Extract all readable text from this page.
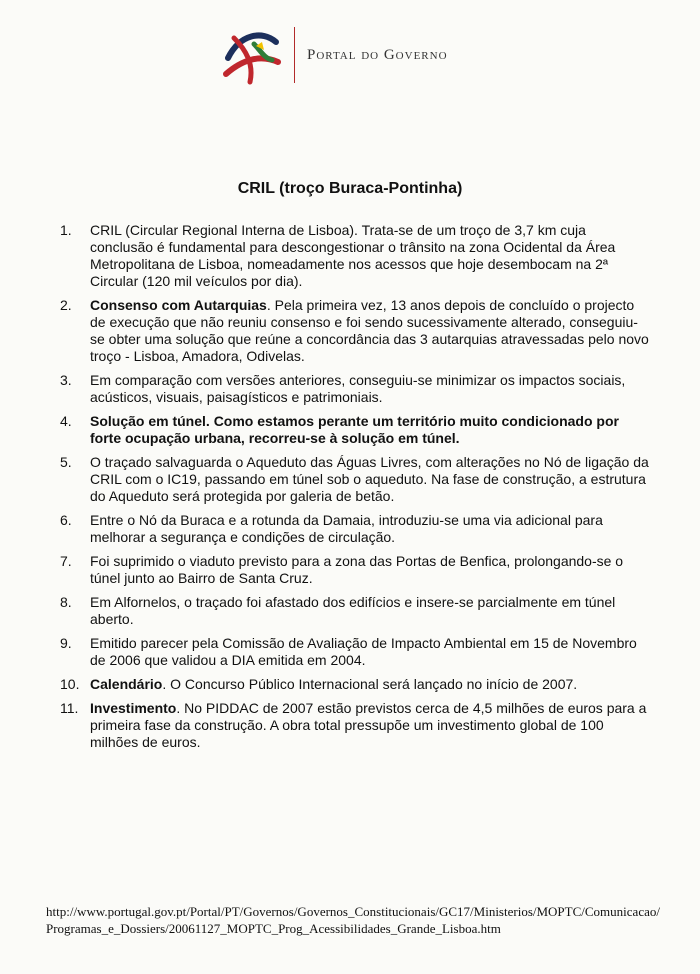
Portal do Governo
CRIL (troço Buraca-Pontinha)
1.	CRIL (Circular Regional Interna de Lisboa). Trata-se de um troço de 3,7 km cuja conclusão é fundamental para descongestionar o trânsito na zona Ocidental da Área Metropolitana de Lisboa, nomeadamente nos acessos que hoje desembocam na 2ª Circular (120 mil veículos por dia).
2.	Consenso com Autarquias. Pela primeira vez, 13 anos depois de concluído o projecto de execução que não reuniu consenso e foi sendo sucessivamente alterado, conseguiu-se obter uma solução que reúne a concordância das 3 autarquias atravessadas pelo novo troço - Lisboa, Amadora, Odivelas.
3.	Em comparação com versões anteriores, conseguiu-se minimizar os impactos sociais, acústicos, visuais, paisagísticos e patrimoniais.
4.	Solução em túnel. Como estamos perante um território muito condicionado por forte ocupação urbana, recorreu-se à solução em túnel.
5.	O traçado salvaguarda o Aqueduto das Águas Livres, com alterações no Nó de ligação da CRIL com o IC19, passando em túnel sob o aqueduto. Na fase de construção, a estrutura do Aqueduto será protegida por galeria de betão.
6.	Entre o Nó da Buraca e a rotunda da Damaia, introduziu-se uma via adicional para melhorar a segurança e condições de circulação.
7.	Foi suprimido o viaduto previsto para a zona das Portas de Benfica, prolongando-se o túnel junto ao Bairro de Santa Cruz.
8.	Em Alfornelos, o traçado foi afastado dos edifícios e insere-se parcialmente em túnel aberto.
9.	Emitido parecer pela Comissão de Avaliação de Impacto Ambiental em 15 de Novembro de 2006 que validou a DIA emitida em 2004.
10. Calendário. O Concurso Público Internacional será lançado no início de 2007.
11. Investimento. No PIDDAC de 2007 estão previstos cerca de 4,5 milhões de euros para a primeira fase da construção. A obra total pressupõe um investimento global de 100 milhões de euros.
http://www.portugal.gov.pt/Portal/PT/Governos/Governos_Constitucionais/GC17/Ministerios/MOPTC/Comunicacao/Programas_e_Dossiers/20061127_MOPTC_Prog_Acessibilidades_Grande_Lisboa.htm
